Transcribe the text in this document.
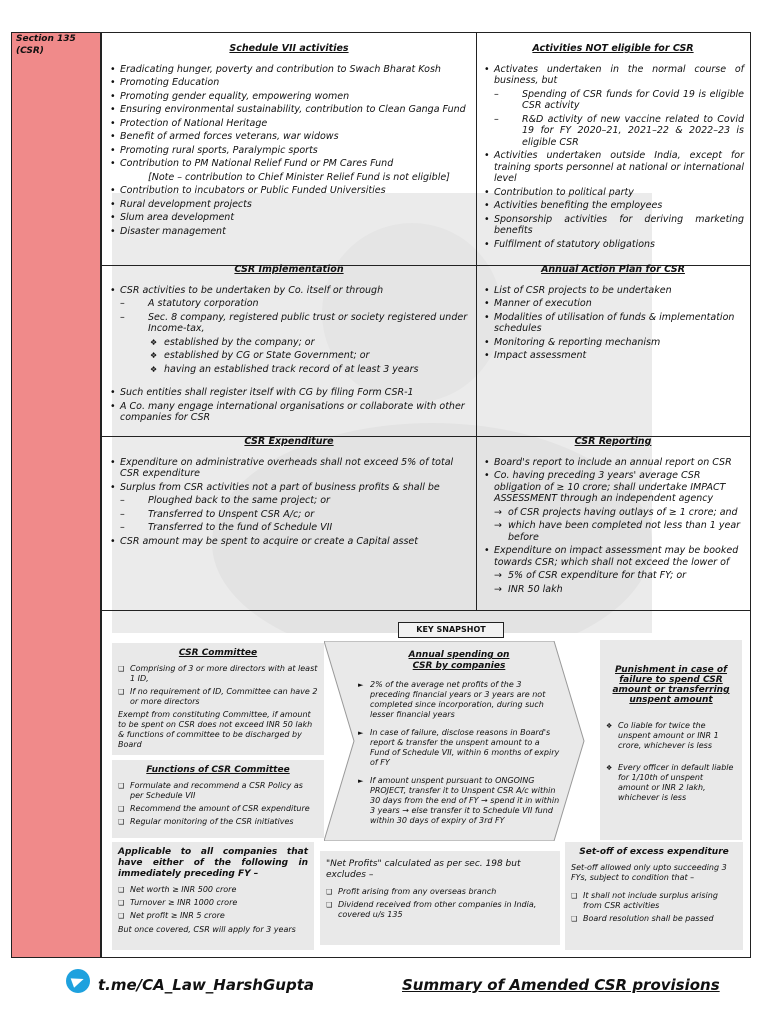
Section 135
(CSR)	Schedule VII activities
• Eradicating hunger, poverty and contribution to Swach Bharat Kosh
• Promoting Education
• Promoting gender equality, empowering women
• Ensuring environmental sustainability, contribution to Clean Ganga Fund
• Protection of National Heritage
• Benefit of armed forces veterans, war widows
• Promoting rural sports, Paralympic sports
• Contribution to PM National Relief Fund or PM Cares Fund
[Note – contribution to Chief Minister Relief Fund is not eligible]
• Contribution to incubators or Public Funded Universities
• Rural development projects
• Slum area development
• Disaster management
Activities NOT eligible for CSR
• Activates undertaken in the normal course of business, but
– Spending of CSR funds for Covid 19 is eligible CSR activity
– R&D activity of new vaccine related to Covid 19 for FY 2020–21, 2021–22 & 2022–23 is eligible CSR
• Activities undertaken outside India, except for training sports personnel at national or international level
• Contribution to political party
• Activities benefiting the employees
• Sponsorship activities for deriving marketing benefits
• Fulfilment of statutory obligations
CSR Implementation
• CSR activities to be undertaken by Co. itself or through
– A statutory corporation
– Sec. 8 company, registered public trust or society registered under Income-tax,
❖ established by the company; or
❖ established by CG or State Government; or
❖ having an established track record of at least 3 years
• Such entities shall register itself with CG by filing Form CSR-1
• A Co. many engage international organisations or collaborate with other companies for CSR
Annual Action Plan for CSR
• List of CSR projects to be undertaken
• Manner of execution
• Modalities of utilisation of funds & implementation schedules
• Monitoring & reporting mechanism
• Impact assessment
CSR Expenditure
• Expenditure on administrative overheads shall not exceed 5% of total CSR expenditure
• Surplus from CSR activities not a part of business profits & shall be
– Ploughed back to the same project; or
– Transferred to Unspent CSR A/c; or
– Transferred to the fund of Schedule VII
• CSR amount may be spent to acquire or create a Capital asset
CSR Reporting
• Board's report to include an annual report on CSR
• Co. having preceding 3 years' average CSR obligation of ≥ 10 crore; shall undertake IMPACT ASSESSMENT through an independent agency
→ of CSR projects having outlays of ≥ 1 crore; and
→ which have been completed not less than 1 year before
• Expenditure on impact assessment may be booked towards CSR; which shall not exceed the lower of
→ 5% of CSR expenditure for that FY; or
→ INR 50 lakh
KEY SNAPSHOT
CSR Committee
❑ Comprising of 3 or more directors with at least 1 ID,
❑ If no requirement of ID, Committee can have 2 or more directors

Exempt from constituting Committee, if amount to be spent on CSR does not exceed INR 50 lakh & functions of committee to be discharged by Board

Functions of CSR Committee
❑ Formulate and recommend a CSR Policy as per Schedule VII
❑ Recommend the amount of CSR expenditure
❑ Regular monitoring of the CSR initiatives
Annual spending on
CSR by companies
► 2% of the average net profits of the 3 preceding financial years or 3 years are not completed since incorporation, during such lesser financial years
► In case of failure, disclose reasons in Board's report & transfer the unspent amount to a Fund of Schedule VII, within 6 months of expiry of FY
► If amount unspent pursuant to ONGOING PROJECT, transfer it to Unspent CSR A/c within 30 days from the end of FY → spend it in within 3 years → else transfer it to Schedule VII fund within 30 days of expiry of 3rd FY
Punishment in case of failure to spend CSR amount or transferring unspent amount
❖ Co liable for twice the unspent amount or INR 1 crore, whichever is less
❖ Every officer in default liable for 1/10th of unspent amount or INR 2 lakh, whichever is less

Applicable to all companies that have either of the following in immediately preceding FY –

❑ Net worth ≥ INR 500 crore
❑ Turnover ≥ INR 1000 crore
❑ Net profit ≥ INR 5 crore

But once covered, CSR will apply for 3 years

"Net Profits" calculated as per sec. 198 but excludes –

❑ Profit arising from any overseas branch
❑ Dividend received from other companies in India, covered u/s 135
Set-off of excess expenditure

Set-off allowed only upto succeeding 3 FYs, subject to condition that –

❑ It shall not include surplus arising from CSR activities
❑ Board resolution shall be passed
t.me/CA_Law_HarshGupta	Summary of Amended CSR provisions
